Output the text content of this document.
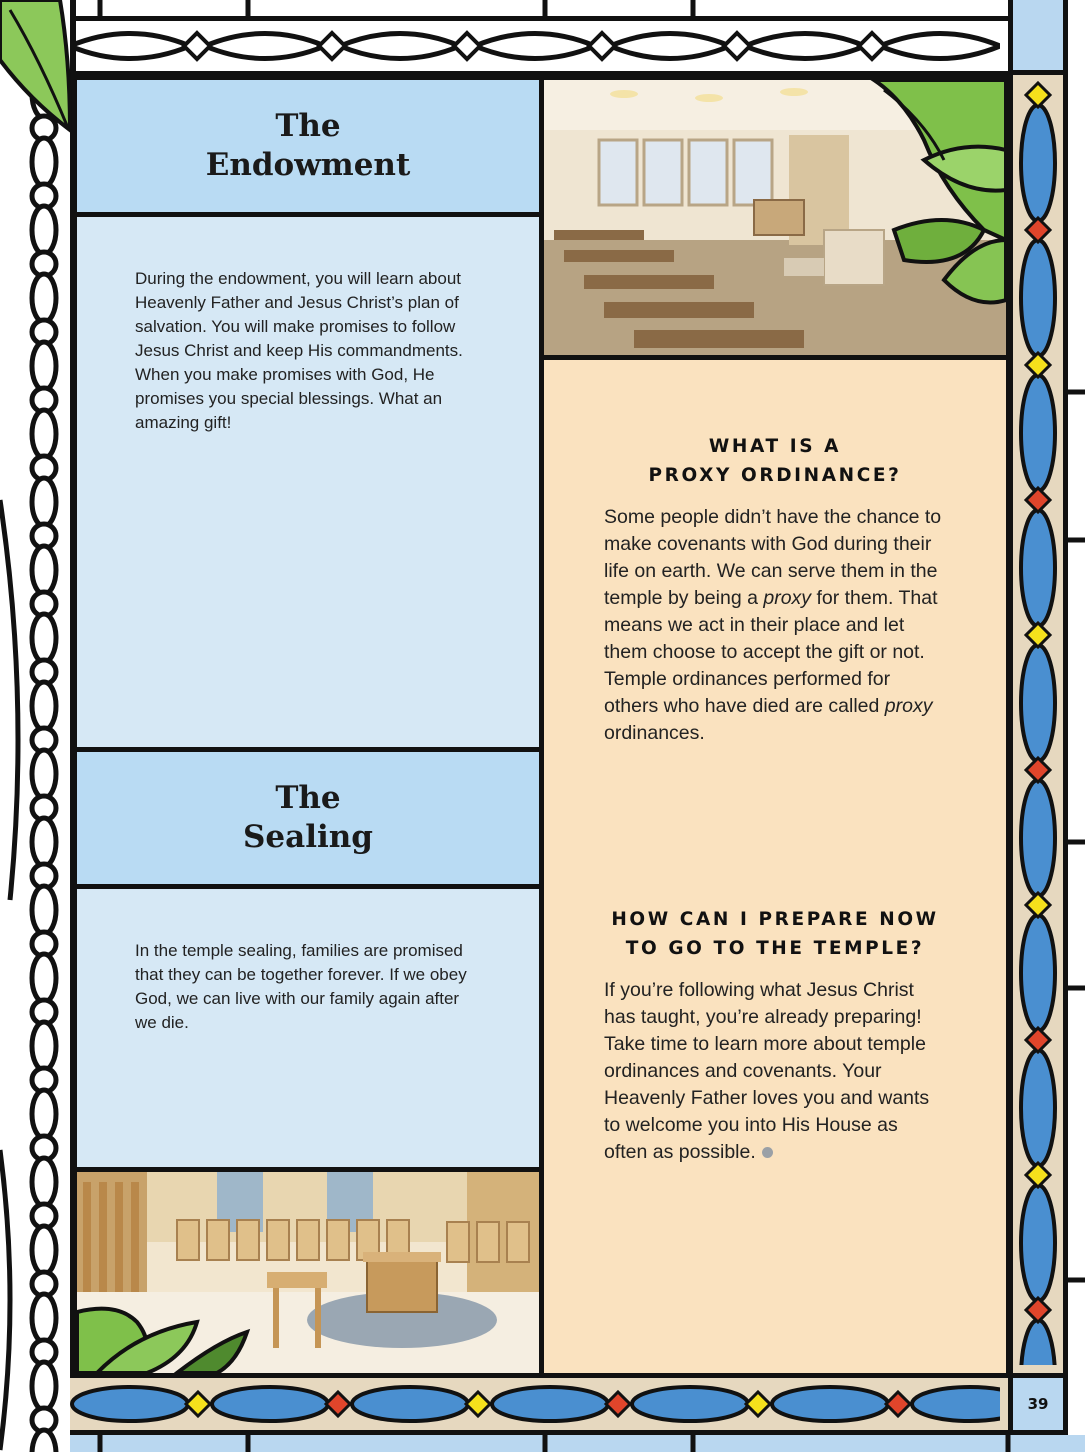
39
The
Endowment

During the endowment, you will learn about Heavenly Father and Jesus Christ’s plan of salvation. You will make promises to follow Jesus Christ and keep His commandments. When you make promises with God, He promises you special blessings. What an amazing gift!

The
Sealing

In the temple sealing, families are promised that they can be together forever. If we obey God, we can live with our family again after we die.

WHAT IS A
PROXY ORDINANCE?

Some people didn’t have the chance to make covenants with God during their life on earth. We can serve them in the temple by being a proxy for them. That means we act in their place and let them choose to accept the gift or not. Temple ordinances performed for others who have died are called proxy ordinances.

HOW CAN I PREPARE NOW
TO GO TO THE TEMPLE?

If you’re following what Jesus Christ has taught, you’re already preparing! Take time to learn more about temple ordinances and covenants. Your Heavenly Father loves you and wants to welcome you into His House as often as possible.
